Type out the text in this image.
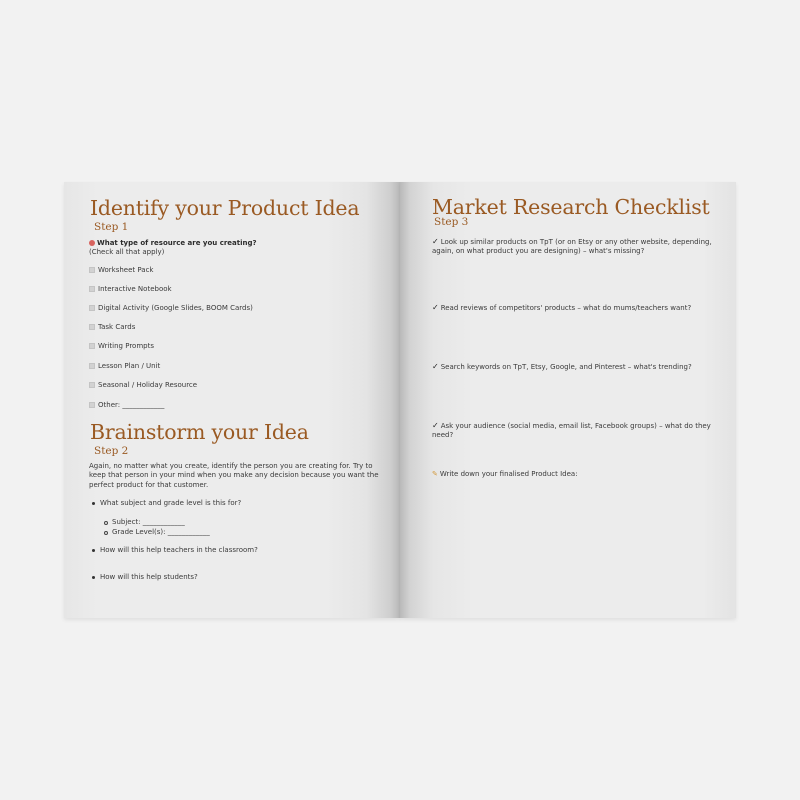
Identify your Product Idea
Step 1
What type of resource are you creating?
(Check all that apply)
Worksheet Pack
Interactive Notebook
Digital Activity (Google Slides, BOOM Cards)
Task Cards
Writing Prompts
Lesson Plan / Unit
Seasonal / Holiday Resource
Other: ____________
Brainstorm your Idea
Step 2
Again, no matter what you create, identify the person you are creating for. Try to keep that person in your mind when you make any decision because you want the perfect product for that customer.
What subject and grade level is this for?
Subject: ____________
Grade Level(s): ____________
How will this help teachers in the classroom?
How will this help students?
Market Research Checklist
Step 3
✓ Look up similar products on TpT (or on Etsy or any other website, depending, again, on what product you are designing) – what's missing?
✓ Read reviews of competitors' products – what do mums/teachers want?
✓ Search keywords on TpT, Etsy, Google, and Pinterest – what's trending?
✓ Ask your audience (social media, email list, Facebook groups) – what do they need?
✎ Write down your finalised Product Idea:
